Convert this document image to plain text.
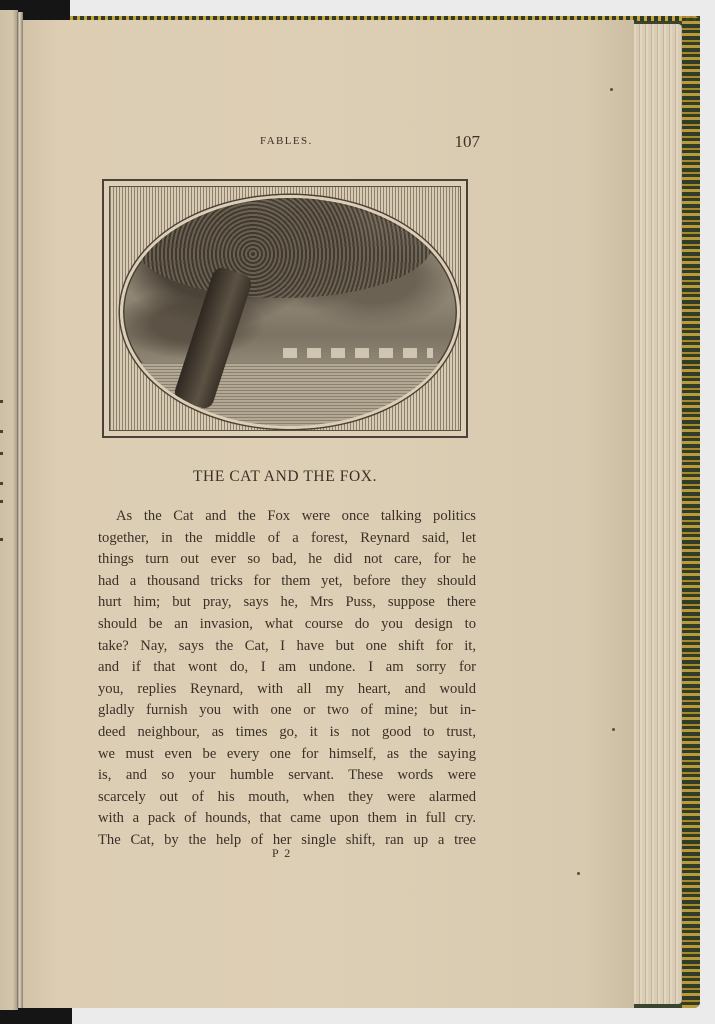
FABLES.	107
THE CAT AND THE FOX.
As the Cat and the Fox were once talking politics
together, in the middle of a forest, Reynard said, let
things turn out ever so bad, he did not care, for he
had a thousand tricks for them yet, before they should
hurt him; but pray, says he, Mrs Puss, suppose there
should be an invasion, what course do you design to
take? Nay, says the Cat, I have but one shift for it,
and if that wont do, I am undone. I am sorry for
you, replies Reynard, with all my heart, and would
gladly furnish you with one or two of mine; but in-
deed neighbour, as times go, it is not good to trust,
we must even be every one for himself, as the saying
is, and so your humble servant. These words were
scarcely out of his mouth, when they were alarmed
with a pack of hounds, that came upon them in full cry.
The Cat, by the help of her single shift, ran up a tree
P 2
